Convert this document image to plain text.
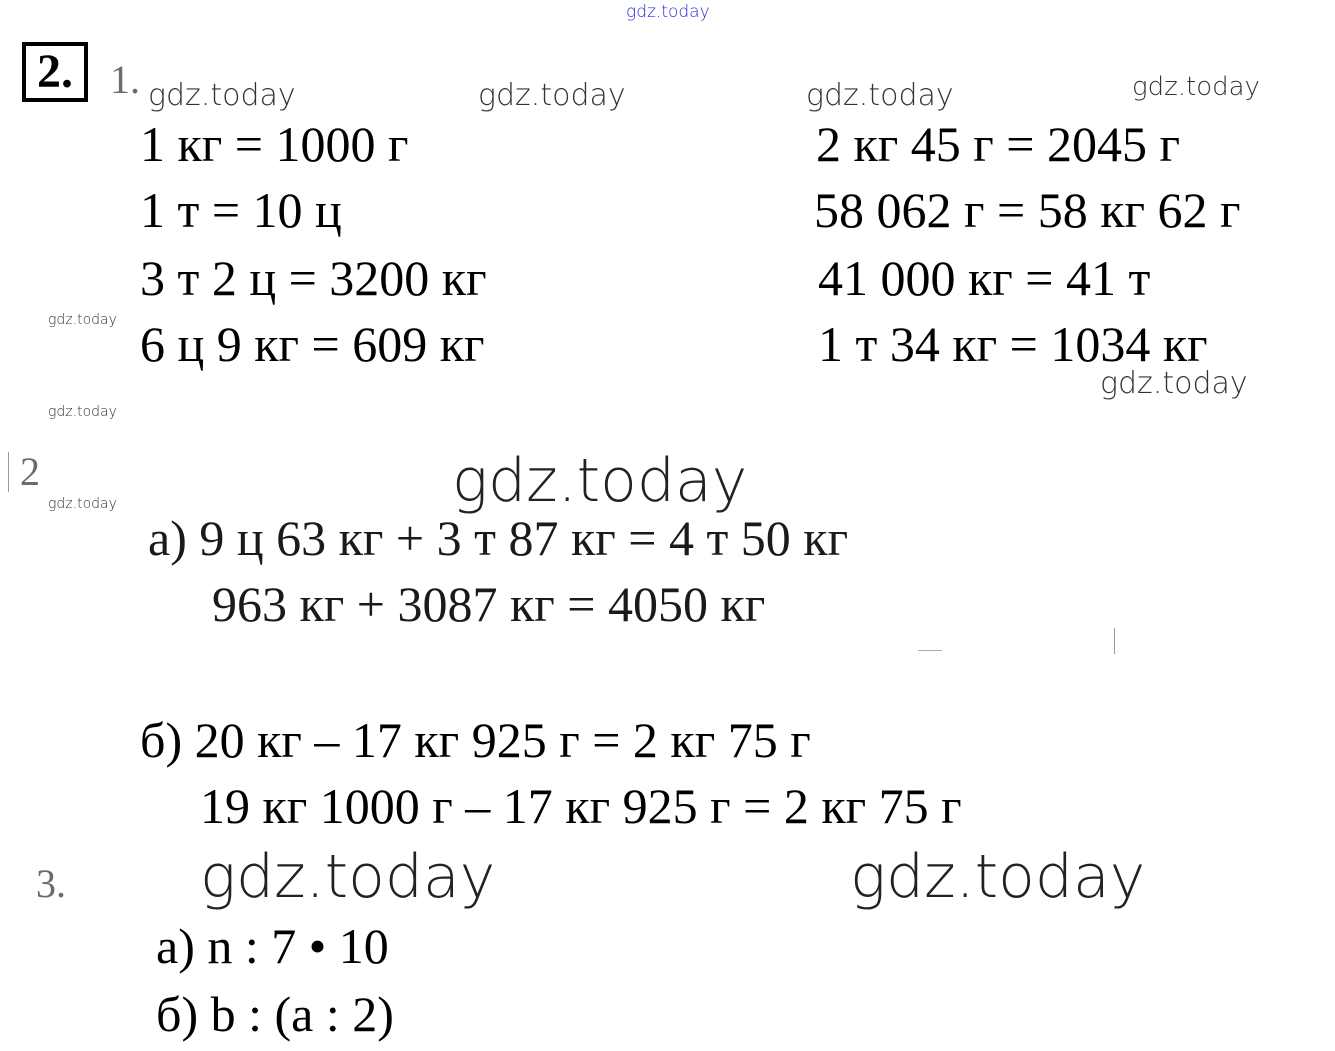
gdz.today
gdz.today	gdz.today	gdz.today	gdz.today
gdz.today
gdz.today
gdz.today
gdz.today
gdz.today
gdz.today	gdz.today
2. 1.
2
3.
1 кг = 1000 г
1 т = 10 ц
3 т 2 ц = 3200 кг
6 ц 9 кг = 609 кг
2 кг 45 г = 2045 г
58 062 г = 58 кг 62 г
41 000 кг = 41 т
1 т 34 кг = 1034 кг
а) 9 ц 63 кг + 3 т 87 кг = 4 т 50 кг
963 кг + 3087 кг = 4050 кг
б) 20 кг – 17 кг 925 г = 2 кг 75 г
19 кг 1000 г – 17 кг 925 г = 2 кг 75 г
а) n : 7 • 10
б) b : (a : 2)
